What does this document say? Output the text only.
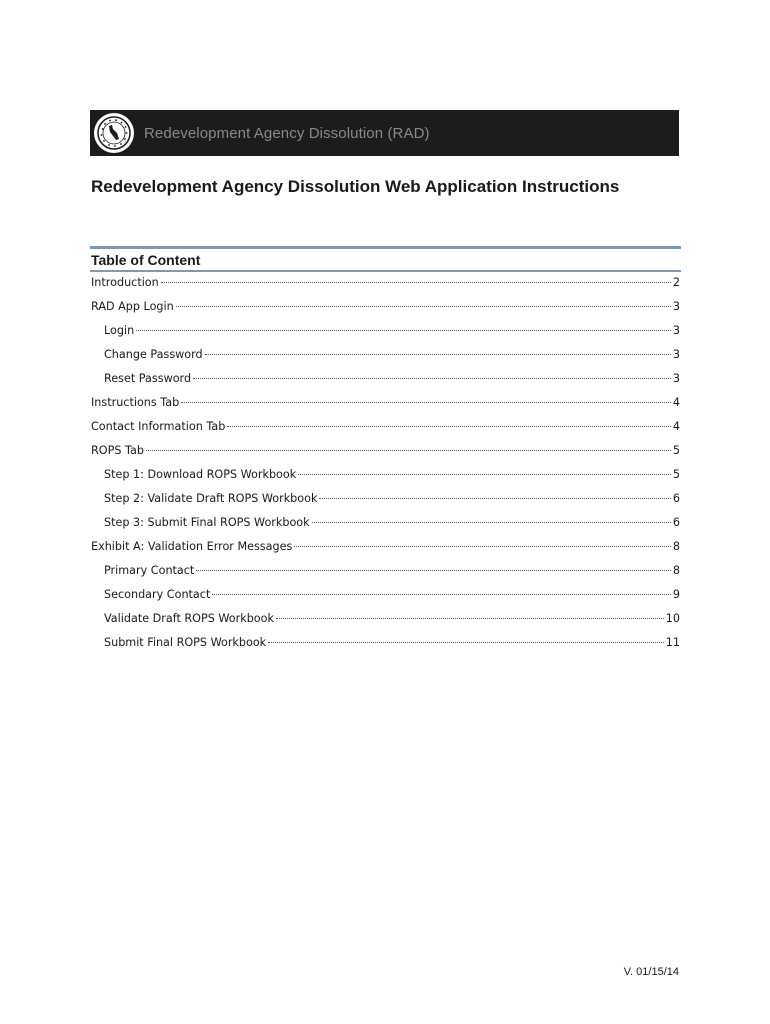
Redevelopment Agency Dissolution (RAD)
Redevelopment Agency Dissolution Web Application Instructions
Table of Content
Introduction	2
RAD App Login	3
Login	3
Change Password	3
Reset Password	3
Instructions Tab	4
Contact Information Tab	4
ROPS Tab	5
Step 1: Download ROPS Workbook	5
Step 2: Validate Draft ROPS Workbook	6
Step 3: Submit Final ROPS Workbook	6
Exhibit A: Validation Error Messages	8
Primary Contact	8
Secondary Contact	9
Validate Draft ROPS Workbook	10
Submit Final ROPS Workbook	11
V. 01/15/14
